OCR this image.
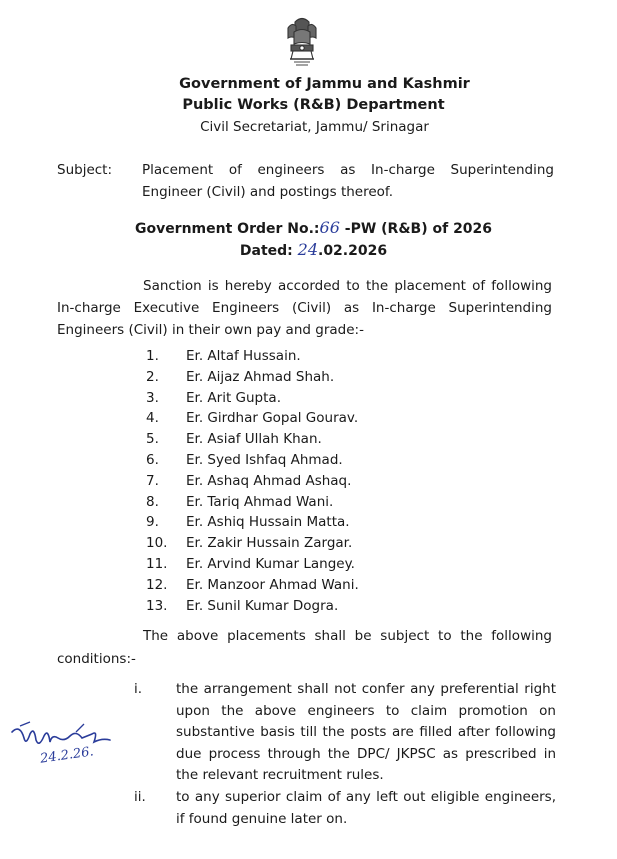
Government of Jammu and Kashmir
Public Works (R&B) Department
Civil Secretariat, Jammu/ Srinagar
Subject: Placement of engineers as In-charge Superintending
Engineer (Civil) and postings thereof.
Government Order No.:66 -PW (R&B) of 2026
Dated: 24.02.2026
Sanction is hereby accorded to the placement of following
In-charge Executive Engineers (Civil) as In-charge Superintending
Engineers (Civil) in their own pay and grade:-
1. Er. Altaf Hussain.
2. Er. Aijaz Ahmad Shah.
3. Er. Arit Gupta.
4. Er. Girdhar Gopal Gourav.
5. Er. Asiaf Ullah Khan.
6. Er. Syed Ishfaq Ahmad.
7. Er. Ashaq Ahmad Ashaq.
8. Er. Tariq Ahmad Wani.
9. Er. Ashiq Hussain Matta.
10. Er. Zakir Hussain Zargar.
11. Er. Arvind Kumar Langey.
12. Er. Manzoor Ahmad Wani.
13. Er. Sunil Kumar Dogra.
The above placements shall be subject to the following
conditions:-
i.	the arrangement shall not confer any preferential right upon the above engineers to claim promotion on substantive basis till the posts are filled after following due process through the DPC/ JKPSC as prescribed in the relevant recruitment rules.
ii. to any superior claim of any left out eligible engineers, if found genuine later on.
24.2.26.
